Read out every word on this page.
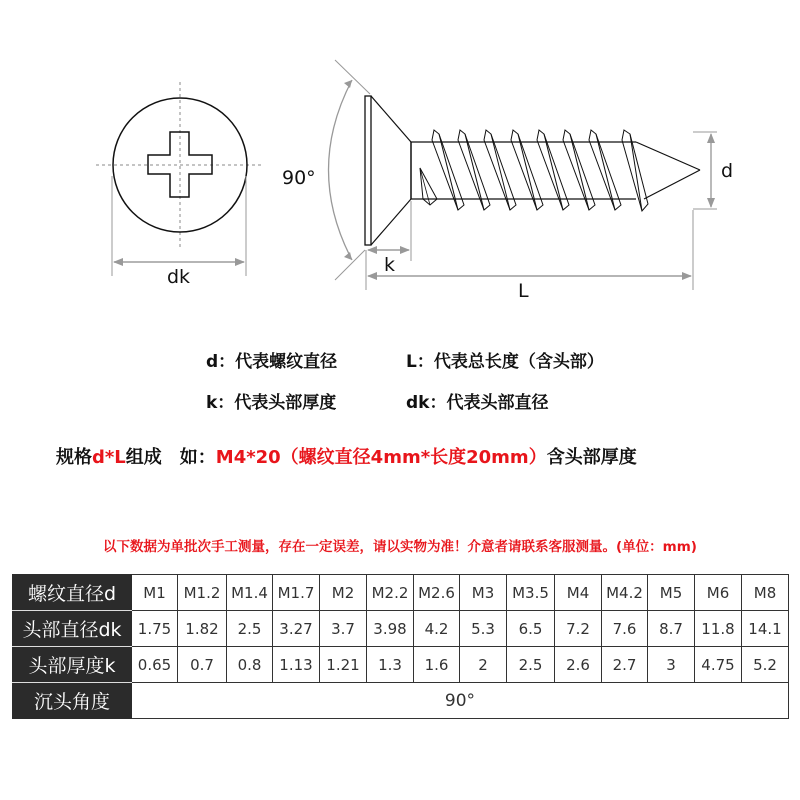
dk
90°
k
L
d
d：代表螺纹直径	L：代表总长度（含头部）
k：代表头部厚度	dk：代表头部直径
规格d*L组成　如：M4*20（螺纹直径4mm*长度20mm）含头部厚度
以下数据为单批次手工测量，存在一定误差，请以实物为准！介意者请联系客服测量。(单位：mm)
螺纹直径d	M1	M1.2	M1.4	M1.7	M2	M2.2	M2.6	M3	M3.5	M4	M4.2	M5	M6	M8
头部直径dk	1.75	1.82	2.5	3.27	3.7	3.98	4.2	5.3	6.5	7.2	7.6	8.7	11.8	14.1
头部厚度k	0.65	0.7	0.8	1.13	1.21	1.3	1.6	2	2.5	2.6	2.7	3	4.75	5.2
沉头角度	90°													
